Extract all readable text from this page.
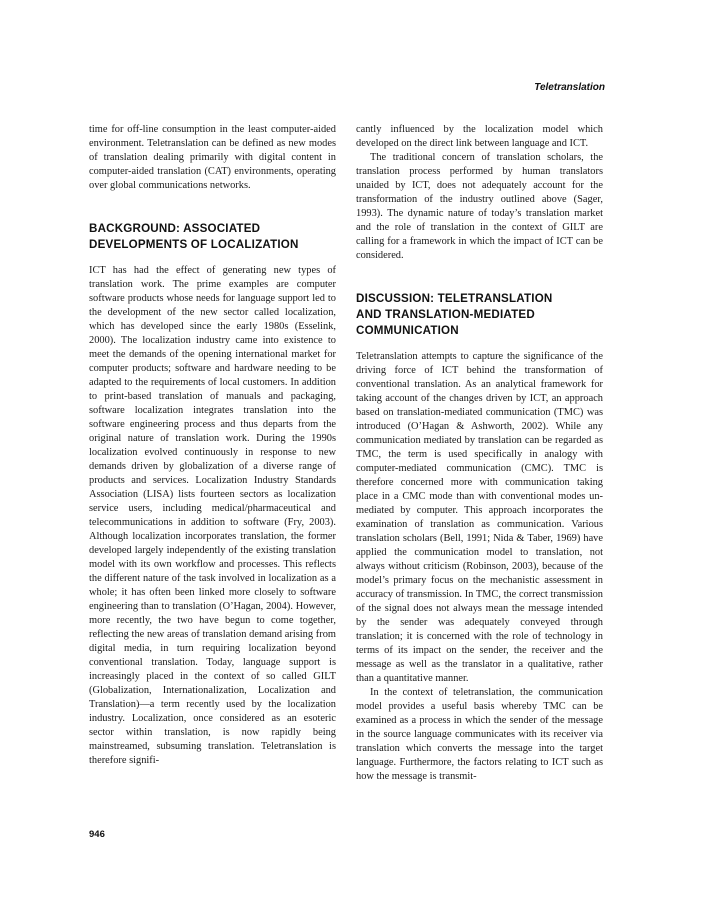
Teletranslation

time for off-line consumption in the least computer-aided environment. Teletranslation can be defined as new modes of translation dealing primarily with digital content in computer-aided translation (CAT) environments, operating over global communications networks.

BACKGROUND: ASSOCIATED
DEVELOPMENTS OF LOCALIZATION

ICT has had the effect of generating new types of translation work. The prime examples are computer software products whose needs for language support led to the development of the new sector called localization, which has developed since the early 1980s (Esselink, 2000). The localization industry came into existence to meet the demands of the opening international market for computer products; software and hardware needing to be adapted to the requirements of local customers. In addition to print-based translation of manuals and packaging, software localization integrates translation into the software engineering process and thus departs from the original nature of translation work. During the 1990s localization evolved continuously in response to new demands driven by globalization of a diverse range of products and services. Localization Industry Standards Association (LISA) lists fourteen sectors as localization service users, including medical/pharmaceutical and telecommunications in addition to software (Fry, 2003). Although localization incorporates translation, the former developed largely independently of the existing translation model with its own workflow and processes. This reflects the different nature of the task involved in localization as a whole; it has often been linked more closely to software engineering than to translation (O’Hagan, 2004). However, more recently, the two have begun to come together, reflecting the new areas of translation demand arising from digital media, in turn requiring localization beyond conventional translation. Today, language support is increasingly placed in the context of so called GILT (Globalization, Internationalization, Localization and Translation)—a term recently used by the localization industry. Localization, once considered as an esoteric sector within translation, is now rapidly being mainstreamed, subsuming translation. Teletranslation is therefore signifi-

cantly influenced by the localization model which developed on the direct link between language and ICT.

The traditional concern of translation scholars, the translation process performed by human translators unaided by ICT, does not adequately account for the transformation of the industry outlined above (Sager, 1993). The dynamic nature of today’s translation market and the role of translation in the context of GILT are calling for a framework in which the impact of ICT can be considered.

DISCUSSION: TELETRANSLATION
AND TRANSLATION-MEDIATED
COMMUNICATION

Teletranslation attempts to capture the significance of the driving force of ICT behind the transformation of conventional translation. As an analytical framework for taking account of the changes driven by ICT, an approach based on translation-mediated communication (TMC) was introduced (O’Hagan & Ashworth, 2002). While any communication mediated by translation can be regarded as TMC, the term is used specifically in analogy with computer-mediated communication (CMC). TMC is therefore concerned more with communication taking place in a CMC mode than with conventional modes un-mediated by computer. This approach incorporates the examination of translation as communication. Various translation scholars (Bell, 1991; Nida & Taber, 1969) have applied the communication model to translation, not always without criticism (Robinson, 2003), because of the model’s primary focus on the mechanistic assessment in accuracy of transmission. In TMC, the correct transmission of the signal does not always mean the message intended by the sender was adequately conveyed through translation; it is concerned with the role of technology in terms of its impact on the sender, the receiver and the message as well as the translator in a qualitative, rather than a quantitative manner.

In the context of teletranslation, the communication model provides a useful basis whereby TMC can be examined as a process in which the sender of the message in the source language communicates with its receiver via translation which converts the message into the target language. Furthermore, the factors relating to ICT such as how the message is transmit-

946
